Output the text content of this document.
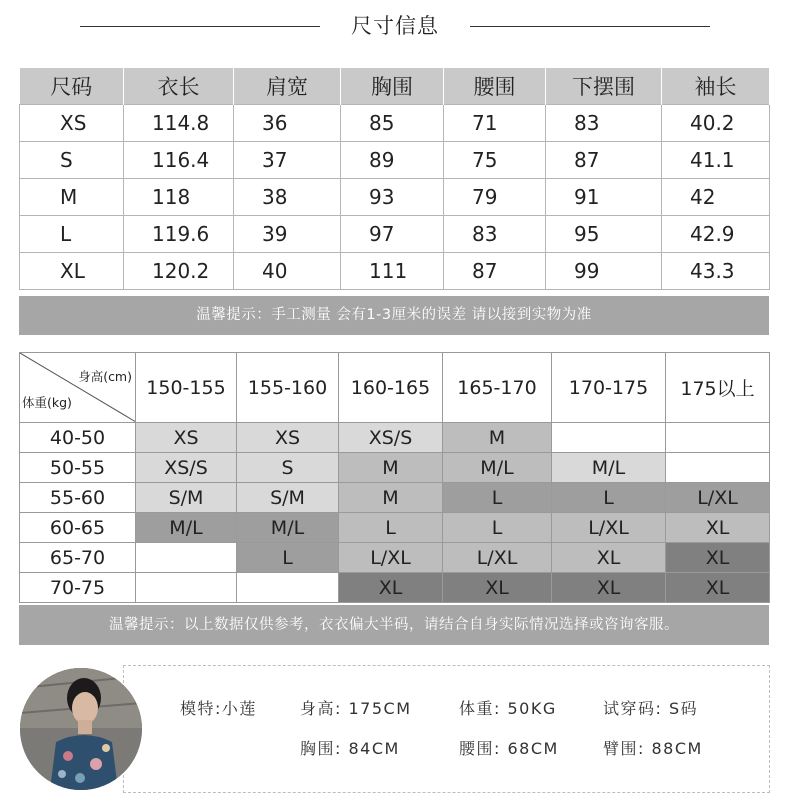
尺寸信息
尺码	衣长	肩宽	胸围	腰围	下摆围	袖长
XS	114.8	36	85	71	83	40.2
S	116.4	37	89	75	87	41.1
M	118	38	93	79	91	42
L	119.6	39	97	83	95	42.9
XL	120.2	40	111	87	99	43.3
温馨提示：手工测量 会有1-3厘米的误差 请以接到实物为准
身高(cm)
体重(kg)	150-155	155-160	160-165	165-170	170-175	175以上
40-50	XS	XS	XS/S	M		
50-55	XS/S	S	M	M/L	M/L	
55-60	S/M	S/M	M	L	L	L/XL
60-65	M/L	M/L	L	L	L/XL	XL
65-70		L	L/XL	L/XL	XL	XL
70-75			XL	XL	XL	XL
温馨提示：以上数据仅供参考，衣衣偏大半码，请结合自身实际情况选择或咨询客服。
模特:小莲	身高: 175CM	体重: 50KG	试穿码: S码
胸围: 84CM	腰围: 68CM	臂围: 88CM
